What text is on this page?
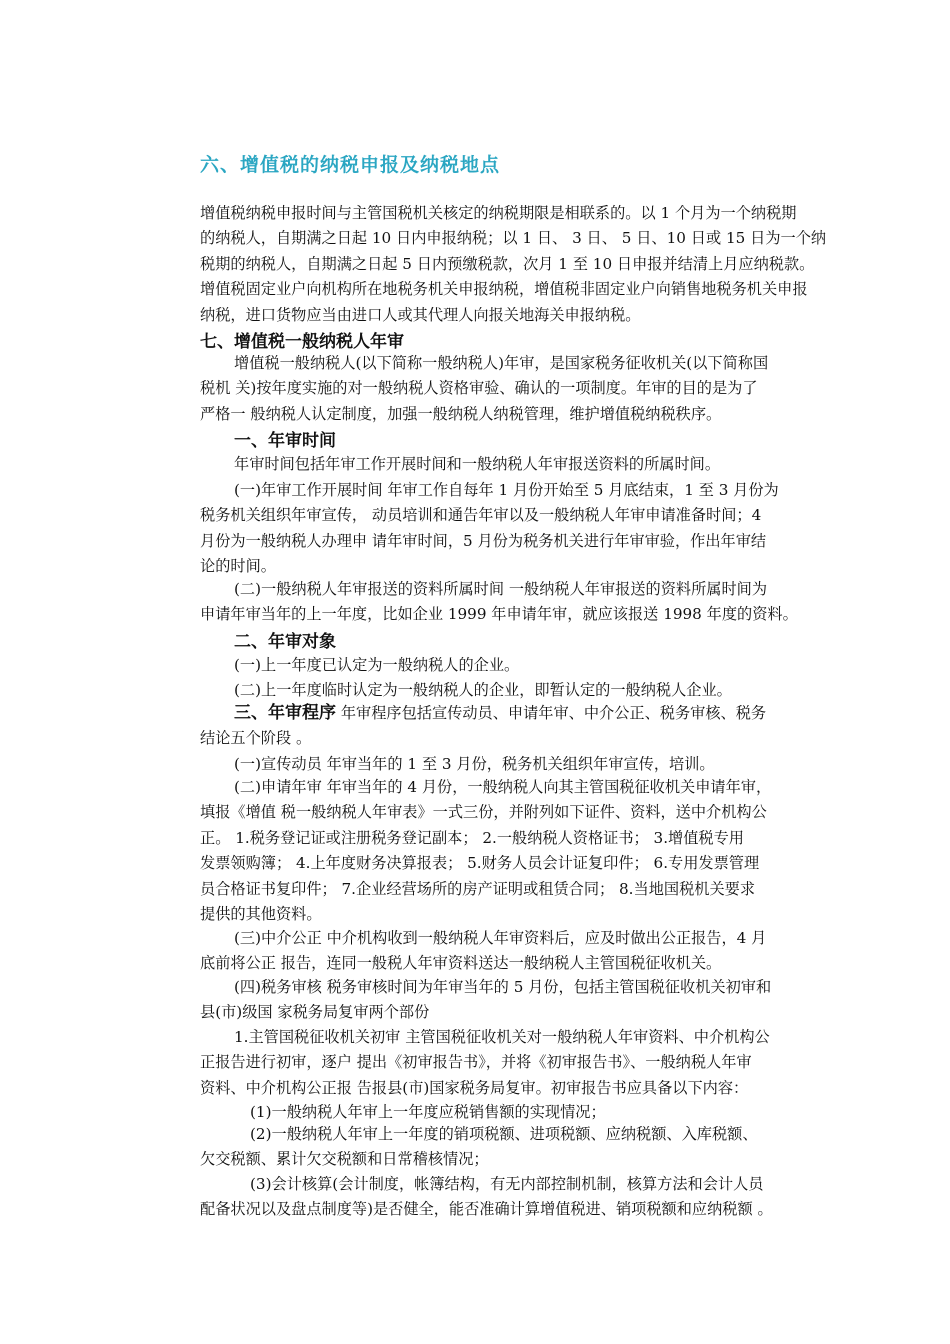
六、增值税的纳税申报及纳税地点

增值税纳税申报时间与主管国税机关核定的纳税期限是相联系的。以 1 个月为一个纳税期

的纳税人，自期满之日起 10 日内申报纳税；以 1 日、 3 日、 5 日、10 日或 15 日为一个纳

税期的纳税人，自期满之日起 5 日内预缴税款，次月 1 至 10 日申报并结清上月应纳税款。

增值税固定业户向机构所在地税务机关申报纳税，增值税非固定业户向销售地税务机关申报

纳税，进口货物应当由进口人或其代理人向报关地海关申报纳税。

七、增值税一般纳税人年审

增值税一般纳税人(以下简称一般纳税人)年审，是国家税务征收机关(以下简称国

税机 关)按年度实施的对一般纳税人资格审验、确认的一项制度。年审的目的是为了

严格一 般纳税人认定制度，加强一般纳税人纳税管理，维护增值税纳税秩序。

一、年审时间
年审时间包括年审工作开展时间和一般纳税人年审报送资料的所属时间。

(一)年审工作开展时间 年审工作自每年 1 月份开始至 5 月底结束，1 至 3 月份为

税务机关组织年审宣传， 动员培训和通告年审以及一般纳税人年审申请准备时间；4

月份为一般纳税人办理申 请年审时间，5 月份为税务机关进行年审审验，作出年审结

论的时间。

(二)一般纳税人年审报送的资料所属时间 一般纳税人年审报送的资料所属时间为

申请年审当年的上一年度，比如企业 1999 年申请年审，就应该报送 1998 年度的资料。

二、年审对象
(一)上一年度已认定为一般纳税人的企业。
(二)上一年度临时认定为一般纳税人的企业，即暂认定的一般纳税人企业。

三、年审程序 年审程序包括宣传动员、申请年审、中介公正、税务审核、税务

结论五个阶段 。

(一)宣传动员 年审当年的 1 至 3 月份，税务机关组织年审宣传，培训。

(二)申请年审 年审当年的 4 月份，一般纳税人向其主管国税征收机关申请年审，

填报《增值 税一般纳税人年审表》一式三份，并附列如下证件、资料，送中介机构公

正。 1.税务登记证或注册税务登记副本； 2.一般纳税人资格证书； 3.增值税专用

发票领购簿； 4.上年度财务决算报表； 5.财务人员会计证复印件； 6.专用发票管理

员合格证书复印件； 7.企业经营场所的房产证明或租赁合同； 8.当地国税机关要求

提供的其他资料。

(三)中介公正 中介机构收到一般纳税人年审资料后，应及时做出公正报告，4 月

底前将公正 报告，连同一般税人年审资料送达一般纳税人主管国税征收机关。

(四)税务审核 税务审核时间为年审当年的 5 月份，包括主管国税征收机关初审和

县(市)级国 家税务局复审两个部份

1.主管国税征收机关初审 主管国税征收机关对一般纳税人年审资料、中介机构公

正报告进行初审，逐户 提出《初审报告书》，并将《初审报告书》、一般纳税人年审

资料、中介机构公正报 告报县(市)国家税务局复审。初审报告书应具备以下内容：

(1)一般纳税人年审上一年度应税销售额的实现情况；

(2)一般纳税人年审上一年度的销项税额、进项税额、应纳税额、入库税额、

欠交税额、累计欠交税额和日常稽核情况；

(3)会计核算(会计制度，帐簿结构，有无内部控制机制，核算方法和会计人员

配备状况以及盘点制度等)是否健全，能否准确计算增值税进、销项税额和应纳税额 。
